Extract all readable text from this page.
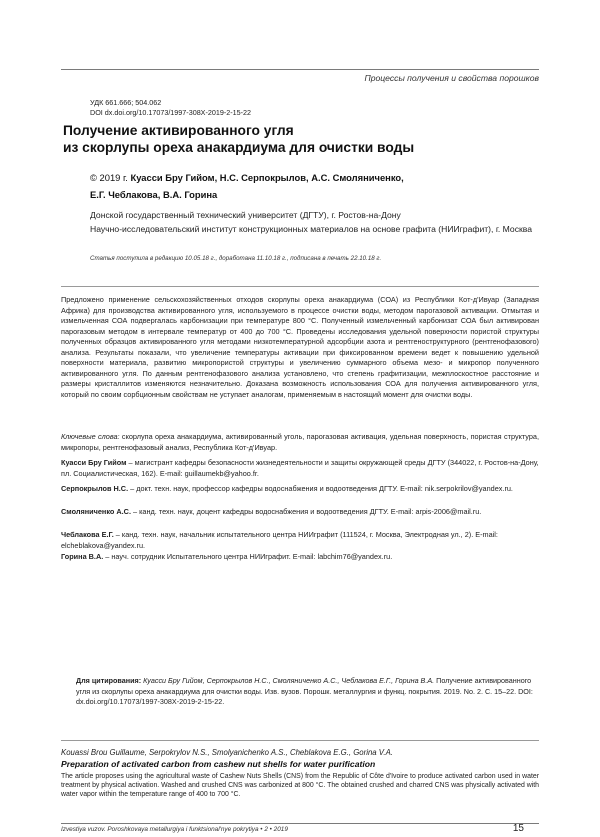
Процессы получения и свойства порошков
УДК 661.666; 504.062
DOI dx.doi.org/10.17073/1997-308X-2019-2-15-22
Получение активированного угля
из скорлупы ореха анакардиума для очистки воды
© 2019 г. Куасси Бру Гийом, Н.С. Серпокрылов, А.С. Смоляниченко,
Е.Г. Чеблакова, В.А. Горина
Донской государственный технический университет (ДГТУ), г. Ростов-на-Дону
Научно-исследовательский институт конструкционных материалов на основе графита (НИИграфит), г. Москва
Статья поступила в редакцию 10.05.18 г., доработана 11.10.18 г., подписана в печать 22.10.18 г.

Предложено применение сельскохозяйственных отходов скорлупы ореха анакардиума (СОА) из Республики Кот-д'Ивуар (Западная Африка) для производства активированного угля, используемого в процессе очистки воды, методом парогазовой активации. Отмытая и измельченная СОА подвергалась карбонизации при температуре 800 °С. Полученный измельченный карбонизат СОА был активирован парогазовым методом в интервале температур от 400 до 700 °С. Проведены исследования удельной поверхности пористой структуры полученных образцов активированного угля методами низкотемпературной адсорбции азота и рентгеноструктурного (рентгенофазового) анализа. Результаты показали, что увеличение температуры активации при фиксированном времени ведет к повышению удельной поверхности материала, развитию микропористой структуры и увеличению суммарного объема мезо- и микропор полученного активированного угля. По данным рентгенофазового анализа установлено, что степень графитизации, межплоскостное расстояние и размеры кристаллитов изменяются незначительно. Доказана возможность использования СОА для получения активированного угля, который по своим сорбционным свойствам не уступает аналогам, применяемым в настоящий момент для очистки воды.

Ключевые слова: скорлупа ореха анакардиума, активированный уголь, парогазовая активация, удельная поверхность, пористая структура, микропоры, рентгенофазовый анализ, Республика Кот-д'Ивуар.

Куасси Бру Гийом – магистрант кафедры безопасности жизнедеятельности и защиты окружающей среды ДГТУ (344022, г. Ростов-на-Дону, пл. Социалистическая, 162). E-mail: guillaumekb@yahoo.fr.

Серпокрылов Н.С. – докт. техн. наук, профессор кафедры водоснабжения и водоотведения ДГТУ. E-mail: nik.serpokrilov@yandex.ru.

Смоляниченко А.С. – канд. техн. наук, доцент кафедры водоснабжения и водоотведения ДГТУ. E-mail: arpis-2006@mail.ru.

Чеблакова Е.Г. – канд. техн. наук, начальник испытательного центра НИИграфит (111524, г. Москва, Электродная ул., 2). E-mail: elcheblakova@yandex.ru.

Горина В.А. – науч. сотрудник Испытательного центра НИИграфит. E-mail: labchim76@yandex.ru.

Для цитирования: Куасси Бру Гийом, Серпокрылов Н.С., Смоляниченко А.С., Чеблакова Е.Г., Горина В.А. Получение активированного угля из скорлупы ореха анакардиума для очистки воды. Изв. вузов. Порошк. металлургия и функц. покрытия. 2019. No. 2. С. 15–22. DOI: dx.doi.org/10.17073/1997-308X-2019-2-15-22.

Kouassi Brou Guillaume, Serpokrylov N.S., Smolyanichenko A.S., Cheblakova E.G., Gorina V.A.
Preparation of activated carbon from cashew nut shells for water purification

The article proposes using the agricultural waste of Cashew Nuts Shells (CNS) from the Republic of Côte d'Ivoire to produce activated carbon used in water treatment by physical activation. Washed and crushed CNS was carbonized at 800 °C. The obtained crushed and charred CNS was physically activated with water vapor within the temperature range of 400 to 700 °C.

Izvestiya vuzov. Poroshkovaya metallurgiya i funktsional'nye pokrytiya • 2 • 2019	15
